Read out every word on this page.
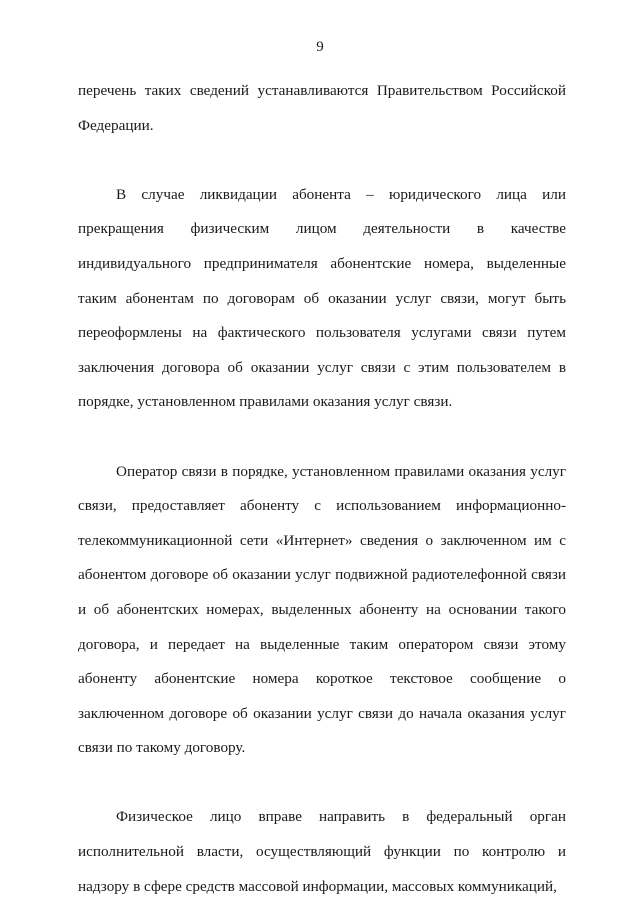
9

перечень таких сведений устанавливаются Правительством Российской Федерации.

В случае ликвидации абонента – юридического лица или прекращения физическим лицом деятельности в качестве индивидуального предпринимателя абонентские номера, выделенные таким абонентам по договорам об оказании услуг связи, могут быть переоформлены на фактического пользователя услугами связи путем заключения договора об оказании услуг связи с этим пользователем в порядке, установленном правилами оказания услуг связи.

Оператор связи в порядке, установленном правилами оказания услуг связи, предоставляет абоненту с использованием информационно-телекоммуникационной сети «Интернет» сведения о заключенном им с абонентом договоре об оказании услуг подвижной радиотелефонной связи и об абонентских номерах, выделенных абоненту на основании такого договора, и передает на выделенные таким оператором связи этому абоненту абонентские номера короткое текстовое сообщение о заключенном договоре об оказании услуг связи до начала оказания услуг связи по такому договору.

Физическое лицо вправе направить в федеральный орган исполнительной власти, осуществляющий функции по контролю и надзору в сфере средств массовой информации, массовых коммуникаций,
